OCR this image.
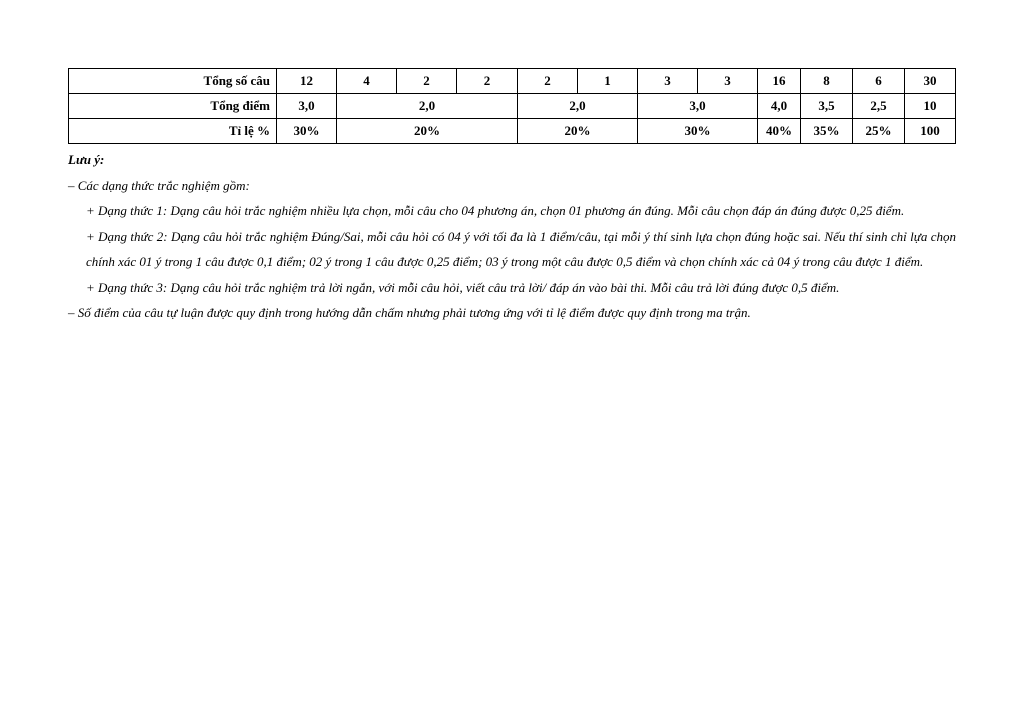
Tổng số câu	12	4	2	2	2	1	3	3	16	8	6	30
Tổng điểm	3,0	2,0			2,0		3,0		4,0	3,5	2,5	10
Tỉ lệ %	30%	20%			20%		30%		40%	35%	25%	100

Lưu ý:

– Các dạng thức trắc nghiệm gồm:

+ Dạng thức 1: Dạng câu hỏi trắc nghiệm nhiều lựa chọn, mỗi câu cho 04 phương án, chọn 01 phương án đúng. Mỗi câu chọn đáp án đúng được 0,25 điểm.

+ Dạng thức 2: Dạng câu hỏi trắc nghiệm Đúng/Sai, mỗi câu hỏi có 04 ý với tối đa là 1 điểm/câu, tại mỗi ý thí sinh lựa chọn đúng hoặc sai. Nếu thí sinh chỉ lựa chọn chính xác 01 ý trong 1 câu được 0,1 điểm; 02 ý trong 1 câu được 0,25 điểm; 03 ý trong một câu được 0,5 điểm và chọn chính xác cả 04 ý trong câu được 1 điểm.

+ Dạng thức 3: Dạng câu hỏi trắc nghiệm trả lời ngắn, với mỗi câu hỏi, viết câu trả lời/ đáp án vào bài thi. Mỗi câu trả lời đúng được 0,5 điểm.

– Số điểm của câu tự luận được quy định trong hướng dẫn chấm nhưng phải tương ứng với tỉ lệ điểm được quy định trong ma trận.
